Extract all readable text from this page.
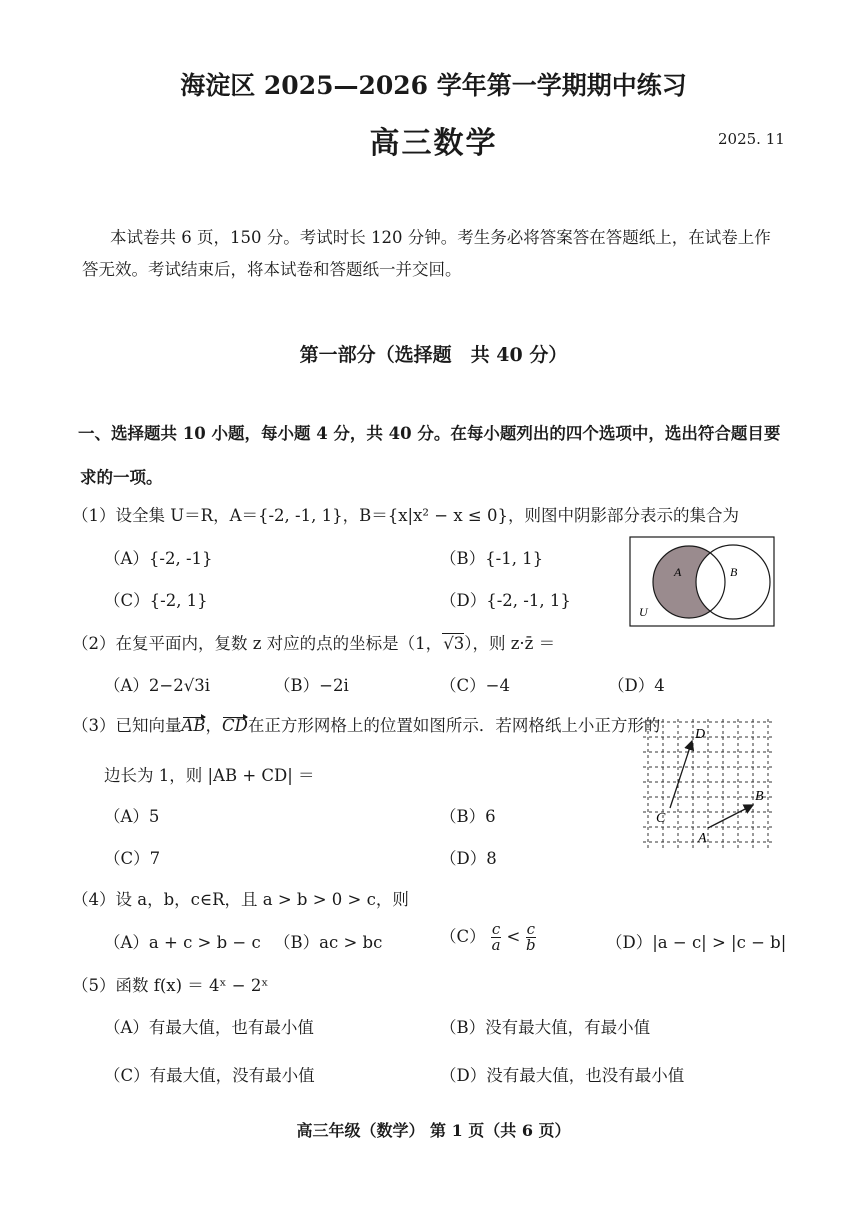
海淀区 2025—2026 学年第一学期期中练习
高三数学	2025. 11
本试卷共 6 页，150 分。考试时长 120 分钟。考生务必将答案答在答题纸上，在试卷上作答无效。考试结束后，将本试卷和答题纸一并交回。
第一部分（选择题　共 40 分）
一、选择题共 10 小题，每小题 4 分，共 40 分。在每小题列出的四个选项中，选出符合题目要求的一项。
（1）设全集 U＝R，A＝{-2, -1, 1}，B＝{x|x² − x ≤ 0}，则图中阴影部分表示的集合为
（A）{-2, -1}	（B）{-1, 1}
（C）{-2, 1}	（D）{-2, -1, 1}
A	B
U
（2）在复平面内，复数 z 对应的点的坐标是（1，√3），则 z·z̄ ＝
（A）2−2√3i	（B）−2i	（C）−4	（D）4
（3）已知向量AB，CD在正方形网格上的位置如图所示．若网格纸上小正方形的
边长为 1，则 |AB + CD| ＝
（A）5	（B）6
（C）7	（D）8
D
B
C
A
（4）设 a，b，c∈R，且 a > b > 0 > c，则
（A）a + c > b − c （B）ac > bc	$(C) \frac{c}{a} < \frac{c}{b}$	（D）|a − c| > |c − b|
（5）函数 f(x) ＝ 4ˣ − 2ˣ
（A）有最大值，也有最小值	（B）没有最大值，有最小值
（C）有最大值，没有最小值	（D）没有最大值，也没有最小值
高三年级（数学） 第 1 页（共 6 页）
